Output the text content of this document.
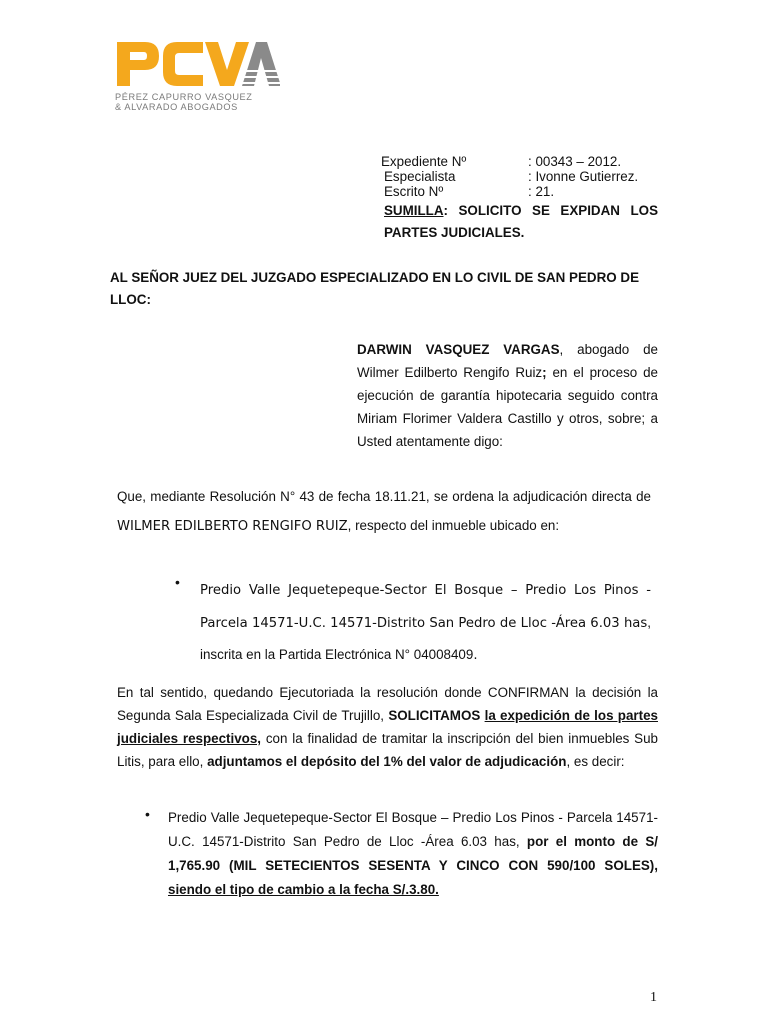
PÉREZ CAPURRO VASQUEZ
& ALVARADO ABOGADOS
Expediente Nº	: 00343 – 2012.
Especialista	: Ivonne Gutierrez.
Escrito Nº	: 21.
SUMILLA: SOLICITO SE EXPIDAN LOS PARTES JUDICIALES.
AL SEÑOR JUEZ DEL JUZGADO ESPECIALIZADO EN LO CIVIL DE SAN PEDRO DE LLOC:
DARWIN VASQUEZ VARGAS, abogado de Wilmer Edilberto Rengifo Ruiz; en el proceso de ejecución de garantía hipotecaria seguido contra Miriam Florimer Valdera Castillo y otros, sobre; a Usted atentamente digo:
Que, mediante Resolución N° 43 de fecha 18.11.21, se ordena la adjudicación directa de WILMER EDILBERTO RENGIFO RUIZ, respecto del inmueble ubicado en:
•
Predio Valle Jequetepeque-Sector El Bosque – Predio Los Pinos - Parcela 14571-U.C. 14571-Distrito San Pedro de Lloc -Área 6.03 has, inscrita en la Partida Electrónica N° 04008409.
En tal sentido, quedando Ejecutoriada la resolución donde CONFIRMAN la decisión la Segunda Sala Especializada Civil de Trujillo, SOLICITAMOS la expedición de los partes judiciales respectivos, con la finalidad de tramitar la inscripción del bien inmuebles Sub Litis, para ello, adjuntamos el depósito del 1% del valor de adjudicación, es decir:
• Predio Valle Jequetepeque-Sector El Bosque – Predio Los Pinos - Parcela 14571-U.C. 14571-Distrito San Pedro de Lloc -Área 6.03 has, por el monto de S/ 1,765.90 (MIL SETECIENTOS SESENTA Y CINCO CON 590/100 SOLES), siendo el tipo de cambio a la fecha S/.3.80.
1
